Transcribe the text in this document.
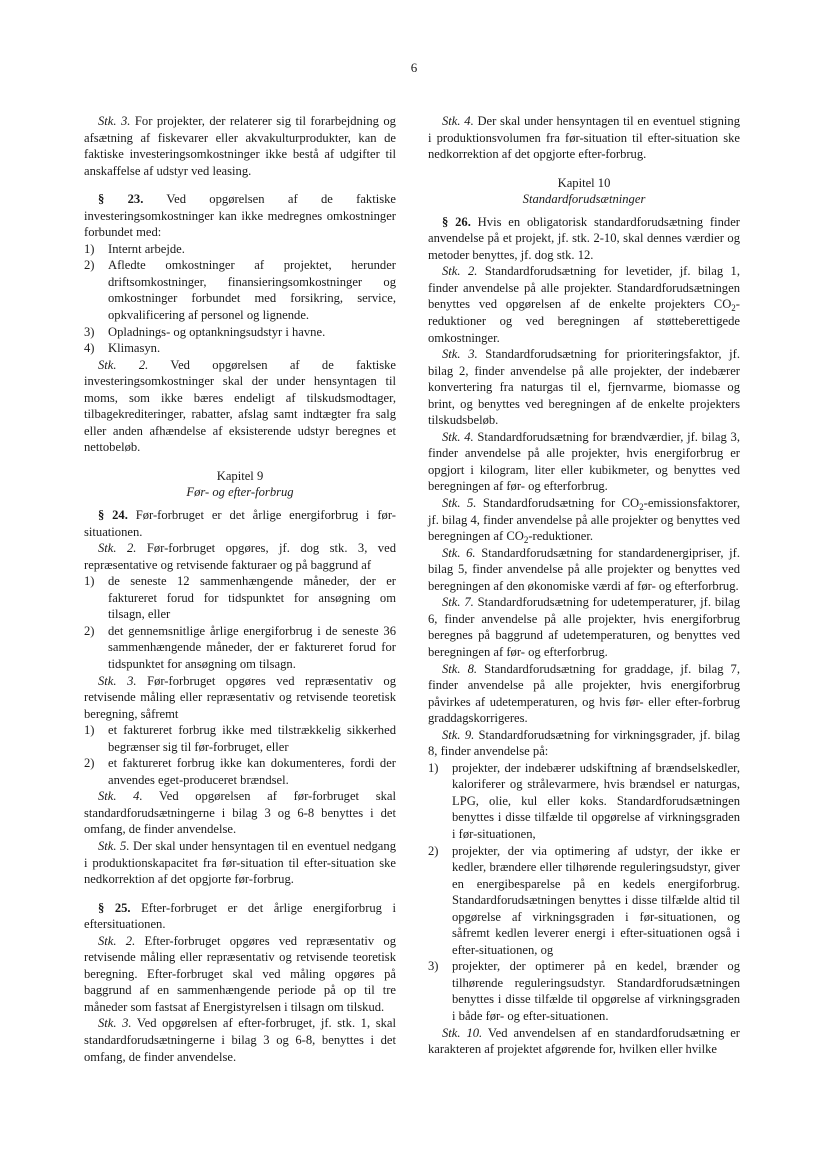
6

Stk. 3. For projekter, der relaterer sig til forarbejdning og afsætning af fiskevarer eller akvakulturprodukter, kan de faktiske investeringsomkostninger ikke bestå af udgifter til anskaffelse af udstyr ved leasing.

§ 23. Ved opgørelsen af de faktiske investeringsomkostninger kan ikke medregnes omkostninger forbundet med:

1)	Internt arbejde.
2)	Afledte omkostninger af projektet, herunder driftsomkostninger, finansieringsomkostninger og omkostninger forbundet med forsikring, service, opkvalificering af personel og lignende.
3)	Opladnings- og optankningsudstyr i havne.
4)	Klimasyn.

Stk. 2. Ved opgørelsen af de faktiske investeringsomkostninger skal der under hensyntagen til moms, som ikke bæres endeligt af tilskudsmodtager, tilbagekrediteringer, rabatter, afslag samt indtægter fra salg eller anden afhændelse af eksisterende udstyr beregnes et nettobeløb.

Kapitel 9

Før- og efter-forbrug

§ 24. Før-forbruget er det årlige energiforbrug i før-situationen.

Stk. 2. Før-forbruget opgøres, jf. dog stk. 3, ved repræsentative og retvisende fakturaer og på baggrund af

1)	de seneste 12 sammenhængende måneder, der er faktureret forud for tidspunktet for ansøgning om tilsagn, eller
2)	det gennemsnitlige årlige energiforbrug i de seneste 36 sammenhængende måneder, der er faktureret forud for tidspunktet for ansøgning om tilsagn.

Stk. 3. Før-forbruget opgøres ved repræsentativ og retvisende måling eller repræsentativ og retvisende teoretisk beregning, såfremt

1)	et faktureret forbrug ikke med tilstrækkelig sikkerhed begrænser sig til før-forbruget, eller
2)	et faktureret forbrug ikke kan dokumenteres, fordi der anvendes eget-produceret brændsel.

Stk. 4. Ved opgørelsen af før-forbruget skal standardforudsætningerne i bilag 3 og 6-8 benyttes i det omfang, de finder anvendelse.

Stk. 5. Der skal under hensyntagen til en eventuel nedgang i produktionskapacitet fra før-situation til efter-situation ske nedkorrektion af det opgjorte før-forbrug.

§ 25. Efter-forbruget er det årlige energiforbrug i eftersituationen.

Stk. 2. Efter-forbruget opgøres ved repræsentativ og retvisende måling eller repræsentativ og retvisende teoretisk beregning. Efter-forbruget skal ved måling opgøres på baggrund af en sammenhængende periode på op til tre måneder som fastsat af Energistyrelsen i tilsagn om tilskud.

Stk. 3. Ved opgørelsen af efter-forbruget, jf. stk. 1, skal standardforudsætningerne i bilag 3 og 6-8, benyttes i det omfang, de finder anvendelse.

Stk. 4. Der skal under hensyntagen til en eventuel stigning i produktionsvolumen fra før-situation til efter-situation ske nedkorrektion af det opgjorte efter-forbrug.

Kapitel 10

Standardforudsætninger

§ 26. Hvis en obligatorisk standardforudsætning finder anvendelse på et projekt, jf. stk. 2-10, skal dennes værdier og metoder benyttes, jf. dog stk. 12.

Stk. 2. Standardforudsætning for levetider, jf. bilag 1, finder anvendelse på alle projekter. Standardforudsætningen benyttes ved opgørelsen af de enkelte projekters $CO_2$-reduktioner og ved beregningen af støtteberettigede omkostninger.

Stk. 3. Standardforudsætning for prioriteringsfaktor, jf. bilag 2, finder anvendelse på alle projekter, der indebærer konvertering fra naturgas til el, fjernvarme, biomasse og brint, og benyttes ved beregningen af de enkelte projekters tilskudsbeløb.

Stk. 4. Standardforudsætning for brændværdier, jf. bilag 3, finder anvendelse på alle projekter, hvis energiforbrug er opgjort i kilogram, liter eller kubikmeter, og benyttes ved beregningen af før- og efterforbrug.

Stk. 5. Standardforudsætning for $CO_2$-emissionsfaktorer, jf. bilag 4, finder anvendelse på alle projekter og benyttes ved beregningen af $CO_2$-reduktioner.

Stk. 6. Standardforudsætning for standardenergipriser, jf. bilag 5, finder anvendelse på alle projekter og benyttes ved beregningen af den økonomiske værdi af før- og efterforbrug.

Stk. 7. Standardforudsætning for udetemperaturer, jf. bilag 6, finder anvendelse på alle projekter, hvis energiforbrug beregnes på baggrund af udetemperaturen, og benyttes ved beregningen af før- og efterforbrug.

Stk. 8. Standardforudsætning for graddage, jf. bilag 7, finder anvendelse på alle projekter, hvis energiforbrug påvirkes af udetemperaturen, og hvis før- eller efter-forbrug graddagskorrigeres.

Stk. 9. Standardforudsætning for virkningsgrader, jf. bilag 8, finder anvendelse på:

1)	projekter, der indebærer udskiftning af brændselskedler, kaloriferer og strålevarmere, hvis brændsel er naturgas, LPG, olie, kul eller koks. Standardforudsætningen benyttes i disse tilfælde til opgørelse af virkningsgraden i før-situationen,
2)	projekter, der via optimering af udstyr, der ikke er kedler, brændere eller tilhørende reguleringsudstyr, giver en energibesparelse på en kedels energiforbrug. Standardforudsætningen benyttes i disse tilfælde altid til opgørelse af virkningsgraden i før-situationen, og såfremt kedlen leverer energi i efter-situationen også i efter-situationen, og
3)	projekter, der optimerer på en kedel, brænder og tilhørende reguleringsudstyr. Standardforudsætningen benyttes i disse tilfælde til opgørelse af virkningsgraden i både før- og efter-situationen.

Stk. 10. Ved anvendelsen af en standardforudsætning er karakteren af projektet afgørende for, hvilken eller hvilke
